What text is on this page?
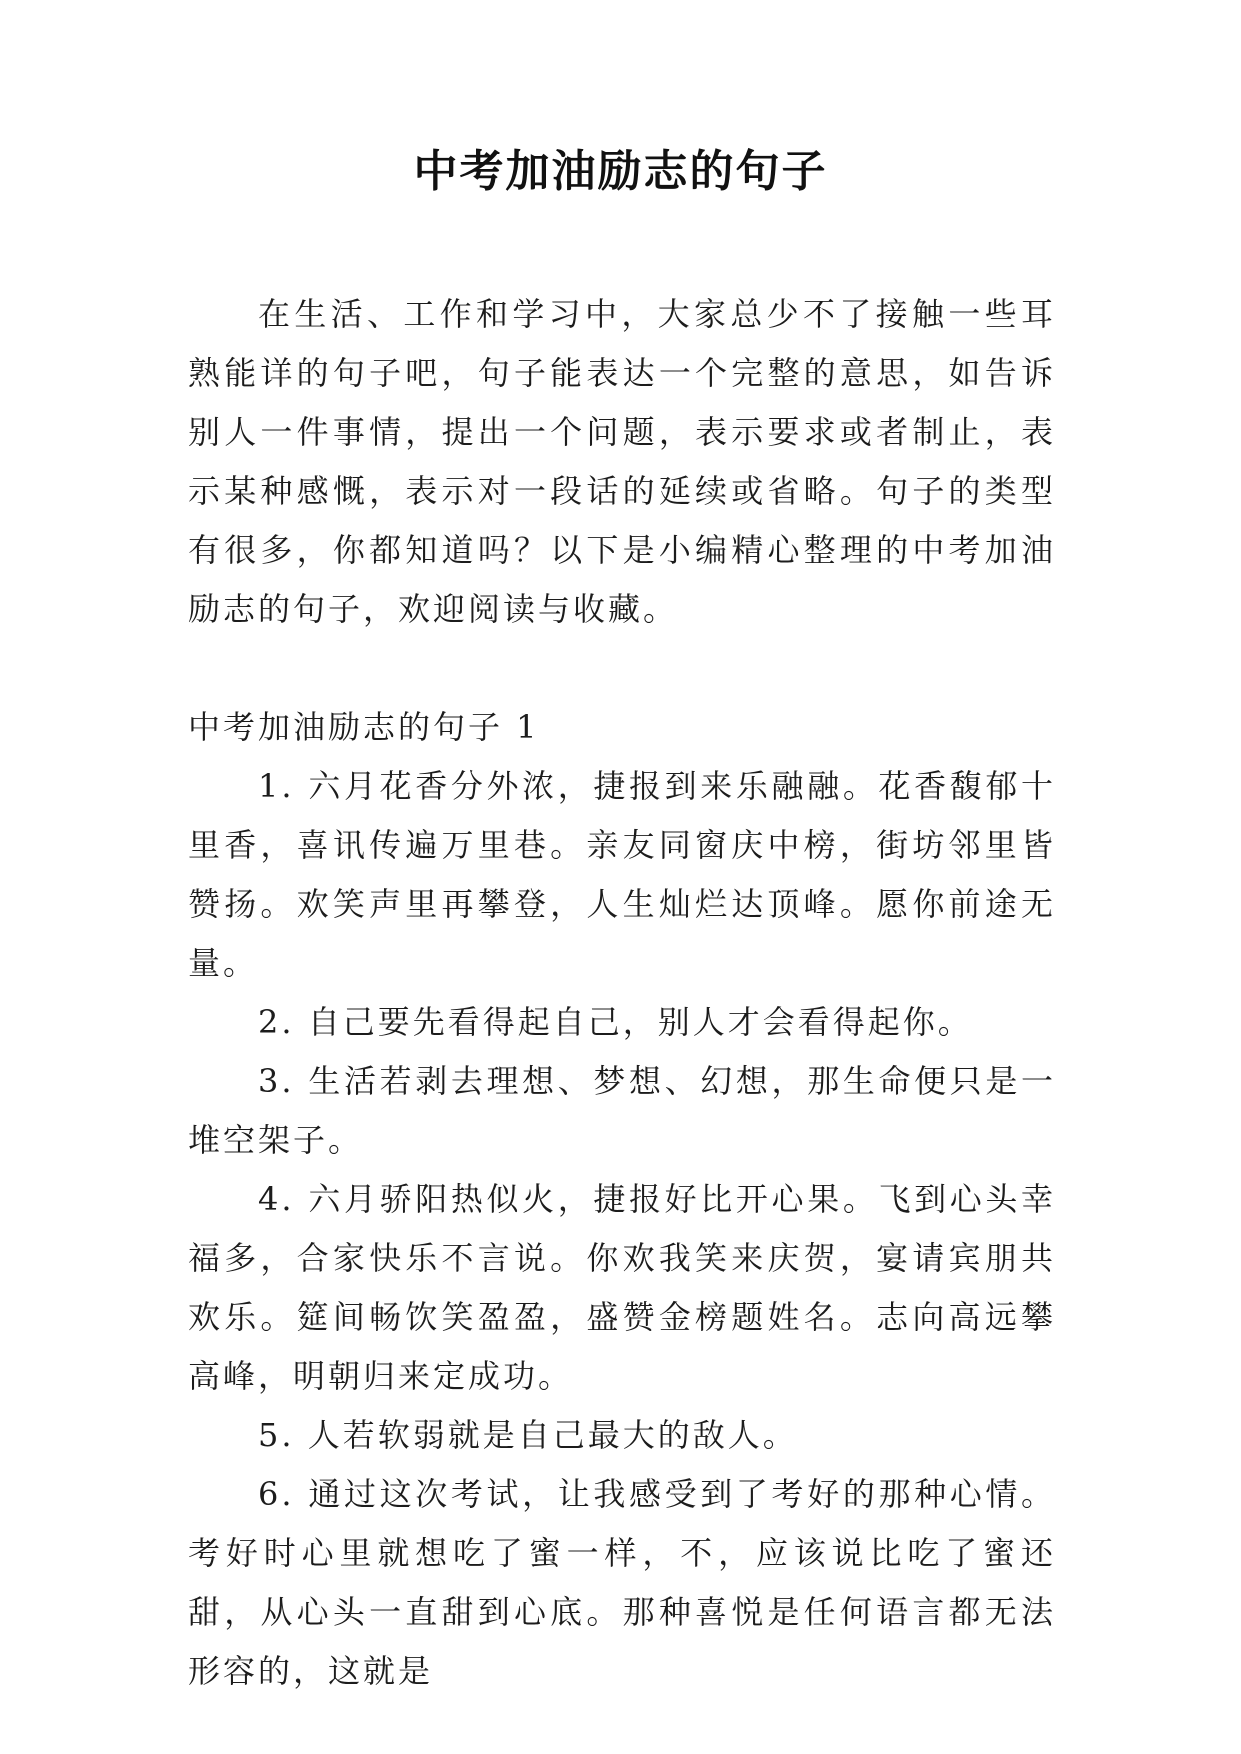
中考加油励志的句子

在生活、工作和学习中，大家总少不了接触一些耳熟能详的句子吧，句子能表达一个完整的意思，如告诉别人一件事情，提出一个问题，表示要求或者制止，表示某种感慨，表示对一段话的延续或省略。句子的类型有很多，你都知道吗？以下是小编精心整理的中考加油励志的句子，欢迎阅读与收藏。

中考加油励志的句子 1

1. 六月花香分外浓，捷报到来乐融融。花香馥郁十里香，喜讯传遍万里巷。亲友同窗庆中榜，街坊邻里皆赞扬。欢笑声里再攀登，人生灿烂达顶峰。愿你前途无量。

2. 自己要先看得起自己，别人才会看得起你。

3. 生活若剥去理想、梦想、幻想，那生命便只是一堆空架子。

4. 六月骄阳热似火，捷报好比开心果。飞到心头幸福多，合家快乐不言说。你欢我笑来庆贺，宴请宾朋共欢乐。筵间畅饮笑盈盈，盛赞金榜题姓名。志向高远攀高峰，明朝归来定成功。

5. 人若软弱就是自己最大的敌人。

6. 通过这次考试，让我感受到了考好的那种心情。考好时心里就想吃了蜜一样，不，应该说比吃了蜜还甜，从心头一直甜到心底。那种喜悦是任何语言都无法形容的，这就是
